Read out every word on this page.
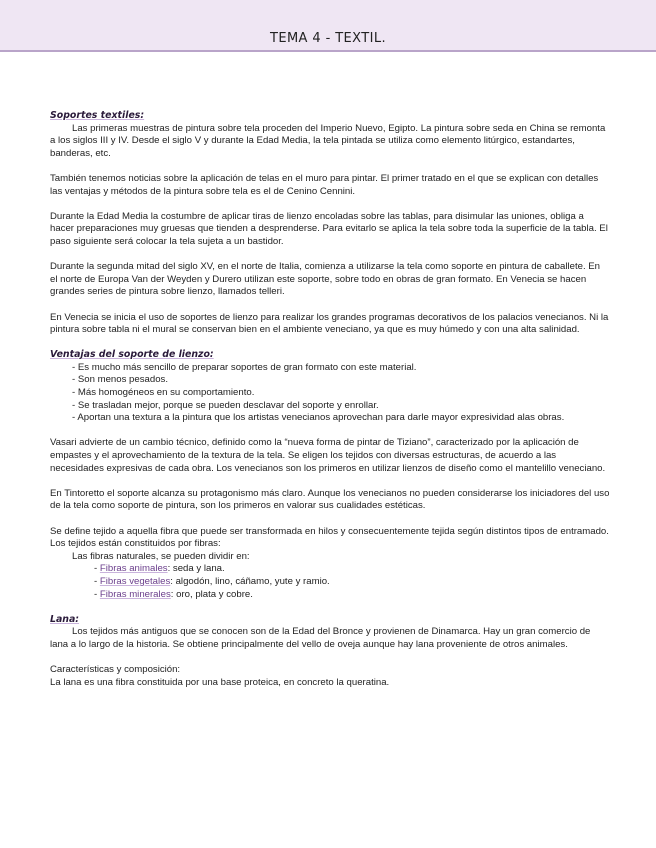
TEMA 4 - TEXTIL.

Soportes textiles:

Las primeras muestras de pintura sobre tela proceden del Imperio Nuevo, Egipto. La pintura sobre seda en China se remonta a los siglos III y IV. Desde el siglo V y durante la Edad Media, la tela pintada se utiliza como elemento litúrgico, estandartes, banderas, etc.

También tenemos noticias sobre la aplicación de telas en el muro para pintar. El primer tratado en el que se explican con detalles las ventajas y métodos de la pintura sobre tela es el de Cenino Cennini.

Durante la Edad Media la costumbre de aplicar tiras de lienzo encoladas sobre las tablas, para disimular las uniones, obliga a hacer preparaciones muy gruesas que tienden a desprenderse. Para evitarlo se aplica la tela sobre toda la superficie de la tabla. El paso siguiente será colocar la tela sujeta a un bastidor.

Durante la segunda mitad del siglo XV, en el norte de Italia, comienza a utilizarse la tela como soporte en pintura de caballete. En el norte de Europa Van der Weyden y Durero utilizan este soporte, sobre todo en obras de gran formato. En Venecia se hacen grandes series de pintura sobre lienzo, llamados telleri.

En Venecia se inicia el uso de soportes de lienzo para realizar los grandes programas decorativos de los palacios venecianos. Ni la pintura sobre tabla ni el mural se conservan bien en el ambiente veneciano, ya que es muy húmedo y con una alta salinidad.

Ventajas del soporte de lienzo:

- Es mucho más sencillo de preparar soportes de gran formato con este material.

- Son menos pesados.

- Más homogéneos en su comportamiento.

- Se trasladan mejor, porque se pueden desclavar del soporte y enrollar.

- Aportan una textura a la pintura que los artistas venecianos aprovechan para darle mayor expresividad alas obras.

Vasari advierte de un cambio técnico, definido como la “nueva forma de pintar de Tiziano”, caracterizado por la aplicación de empastes y el aprovechamiento de la textura de la tela. Se eligen los tejidos con diversas estructuras, de acuerdo a las necesidades expresivas de cada obra. Los venecianos son los primeros en utilizar lienzos de diseño como el mantelillo veneciano.

En Tintoretto el soporte alcanza su protagonismo más claro. Aunque los venecianos no pueden considerarse los iniciadores del uso de la tela como soporte de pintura, son los primeros en valorar sus cualidades estéticas.

Se define tejido a aquella fibra que puede ser transformada en hilos y consecuentemente tejida según distintos tipos de entramado. Los tejidos están constituidos por fibras:

Las fibras naturales, se pueden dividir en:

- Fibras animales: seda y lana.

- Fibras vegetales: algodón, lino, cáñamo, yute y ramio.

- Fibras minerales: oro, plata y cobre.

Lana:

Los tejidos más antiguos que se conocen son de la Edad del Bronce y provienen de Dinamarca. Hay un gran comercio de lana a lo largo de la historia. Se obtiene principalmente del vello de oveja aunque hay lana proveniente de otros animales.

Características y composición:

La lana es una fibra constituida por una base proteica, en concreto la queratina.
